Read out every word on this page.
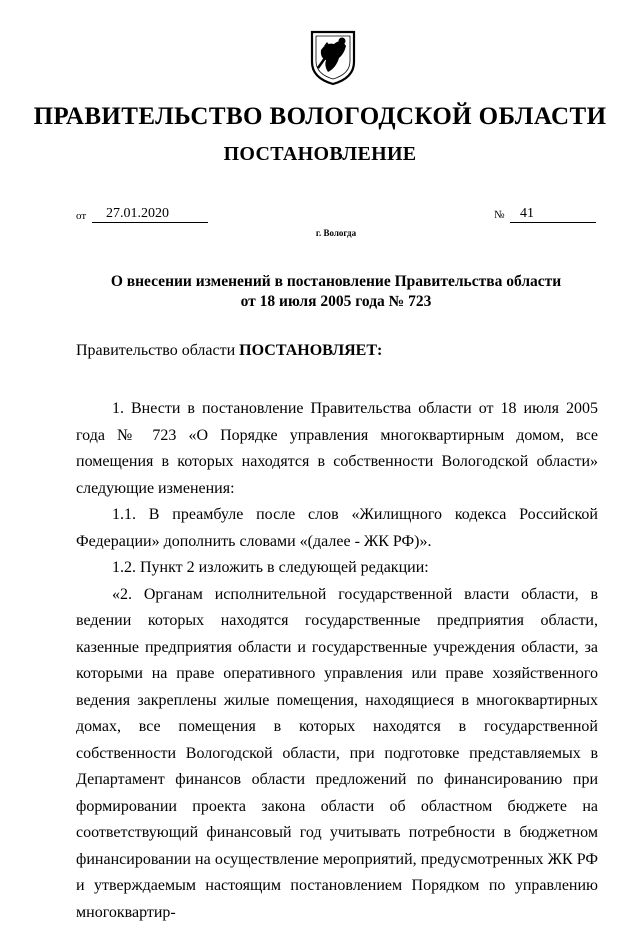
ПРАВИТЕЛЬСТВО ВОЛОГОДСКОЙ ОБЛАСТИ
ПОСТАНОВЛЕНИЕ
от	27.01.2020	№	41
г. Вологда
О внесении изменений в постановление Правительства области
от 18 июля 2005 года № 723
Правительство области ПОСТАНОВЛЯЕТ:

1. Внести в постановление Правительства области от 18 июля 2005 года № 723 «О Порядке управления многоквартирным домом, все помещения в которых находятся в собственности Вологодской области» следующие изменения:

1.1. В преамбуле после слов «Жилищного кодекса Российской Федерации» дополнить словами «(далее - ЖК РФ)».

1.2. Пункт 2 изложить в следующей редакции:

«2. Органам исполнительной государственной власти области, в ведении которых находятся государственные предприятия области, казенные предприятия области и государственные учреждения области, за которыми на праве оперативного управления или праве хозяйственного ведения закреплены жилые помещения, находящиеся в многоквартирных домах, все помещения в которых находятся в государственной собственности Вологодской области, при подготовке представляемых в Департамент финансов области предложений по финансированию при формировании проекта закона области об областном бюджете на соответствующий финансовый год учитывать потребности в бюджетном финансировании на осуществление мероприятий, предусмотренных ЖК РФ и утверждаемым настоящим постановлением Порядком по управлению многоквартир-
